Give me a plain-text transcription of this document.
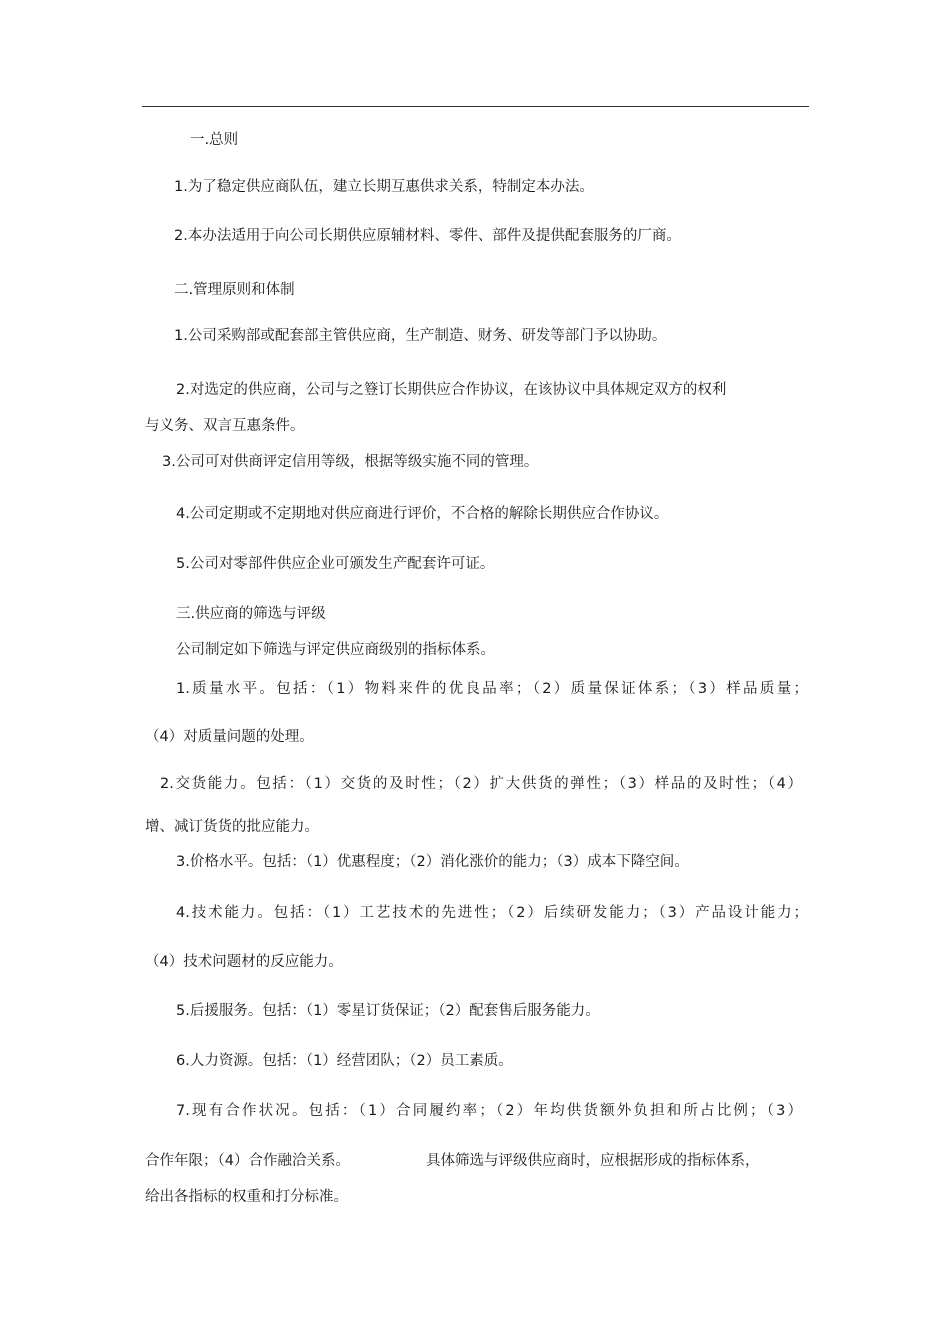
一.总则
1.为了稳定供应商队伍，建立长期互惠供求关系，特制定本办法。
2.本办法适用于向公司长期供应原辅材料、零件、部件及提供配套服务的厂商。
二.管理原则和体制
1.公司采购部或配套部主管供应商，生产制造、财务、研发等部门予以协助。
2.对选定的供应商，公司与之簦订长期供应合作协议，在该协议中具体规定双方的权利
与义务、双言互惠条件。
3.公司可对供商评定信用等级，根据等级实施不同的管理。
4.公司定期或不定期地对供应商进行评价，不合格的解除长期供应合作协议。
5.公司对零部件供应企业可颁发生产配套许可证。
三.供应商的筛选与评级
公司制定如下筛选与评定供应商级别的指标体系。
1.质量水平。包括：（1）物料来件的优良品率；（2）质量保证体系；（3）样品质量；
（4）对质量问题的处理。
2.交货能力。包括：（1）交货的及时性；（2）扩大供货的弹性；（3）样品的及时性；（4）
增、减订货货的批应能力。
3.价格水平。包括：（1）优惠程度；（2）消化涨价的能力；（3）成本下降空间。
4.技术能力。包括：（1）工艺技术的先进性；（2）后续研发能力；（3）产品设计能力；
（4）技术问题材的反应能力。
5.后援服务。包括：（1）零星订货保证；（2）配套售后服务能力。
6.人力资源。包括：（1）经营团队；（2）员工素质。
7.现有合作状况。包括：（1）合同履约率；（2）年均供货额外负担和所占比例；（3）
合作年限；（4）合作融洽关系。	具体筛选与评级供应商时，应根据形成的指标体系，
给出各指标的权重和打分标准。
